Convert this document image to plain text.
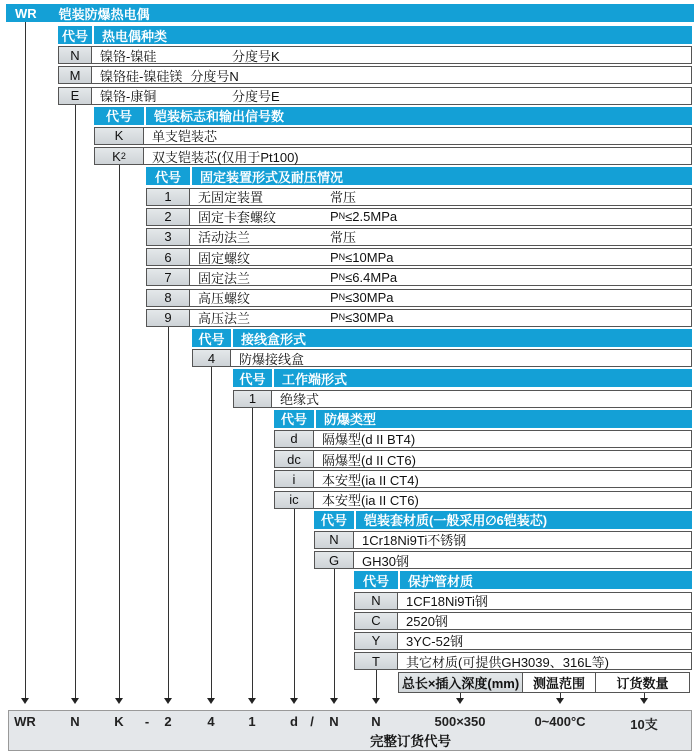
WR 铠装防爆热电偶
代号	热电偶种类
N 镍铬-镍硅	分度号K
M 镍铬硅-镍硅镁 分度号N
E 镍铬-康铜	分度号E
代号	铠装标志和输出信号数
K 单支铠装芯
K 2 双支铠装芯(仅用于Pt100)
代号	固定装置形式及耐压情况
1 无固定装置	常压
2 固定卡套螺纹	P N ≤2.5MPa
3 活动法兰	常压
6 固定螺纹	P N ≤10MPa
7 固定法兰	P N ≤6.4MPa
8 高压螺纹	P N ≤30MPa
9 高压法兰	P N ≤30MPa
代号	接线盒形式
4 防爆接线盒
代号	工作端形式
1 绝缘式
代号	防爆类型
d 隔爆型(d II BT4)
dc 隔爆型(d II CT6)
i 本安型(ia II CT4)
ic 本安型(ia II CT6)
代号	铠装套材质(一般采用∅6铠装芯)
N 1Cr18Ni9Ti不锈钢
G GH30钢
代号	保护管材质
N 1CF18Ni9Ti钢
C 2520钢
Y 3YC-52钢
T 其它材质(可提供GH3039、316L等)
总长×插入深度(mm)	测温范围	订货数量
WR	N	K - 2	4	1	d / N	N	500×350	0~400°C	10支
完整订货代号
